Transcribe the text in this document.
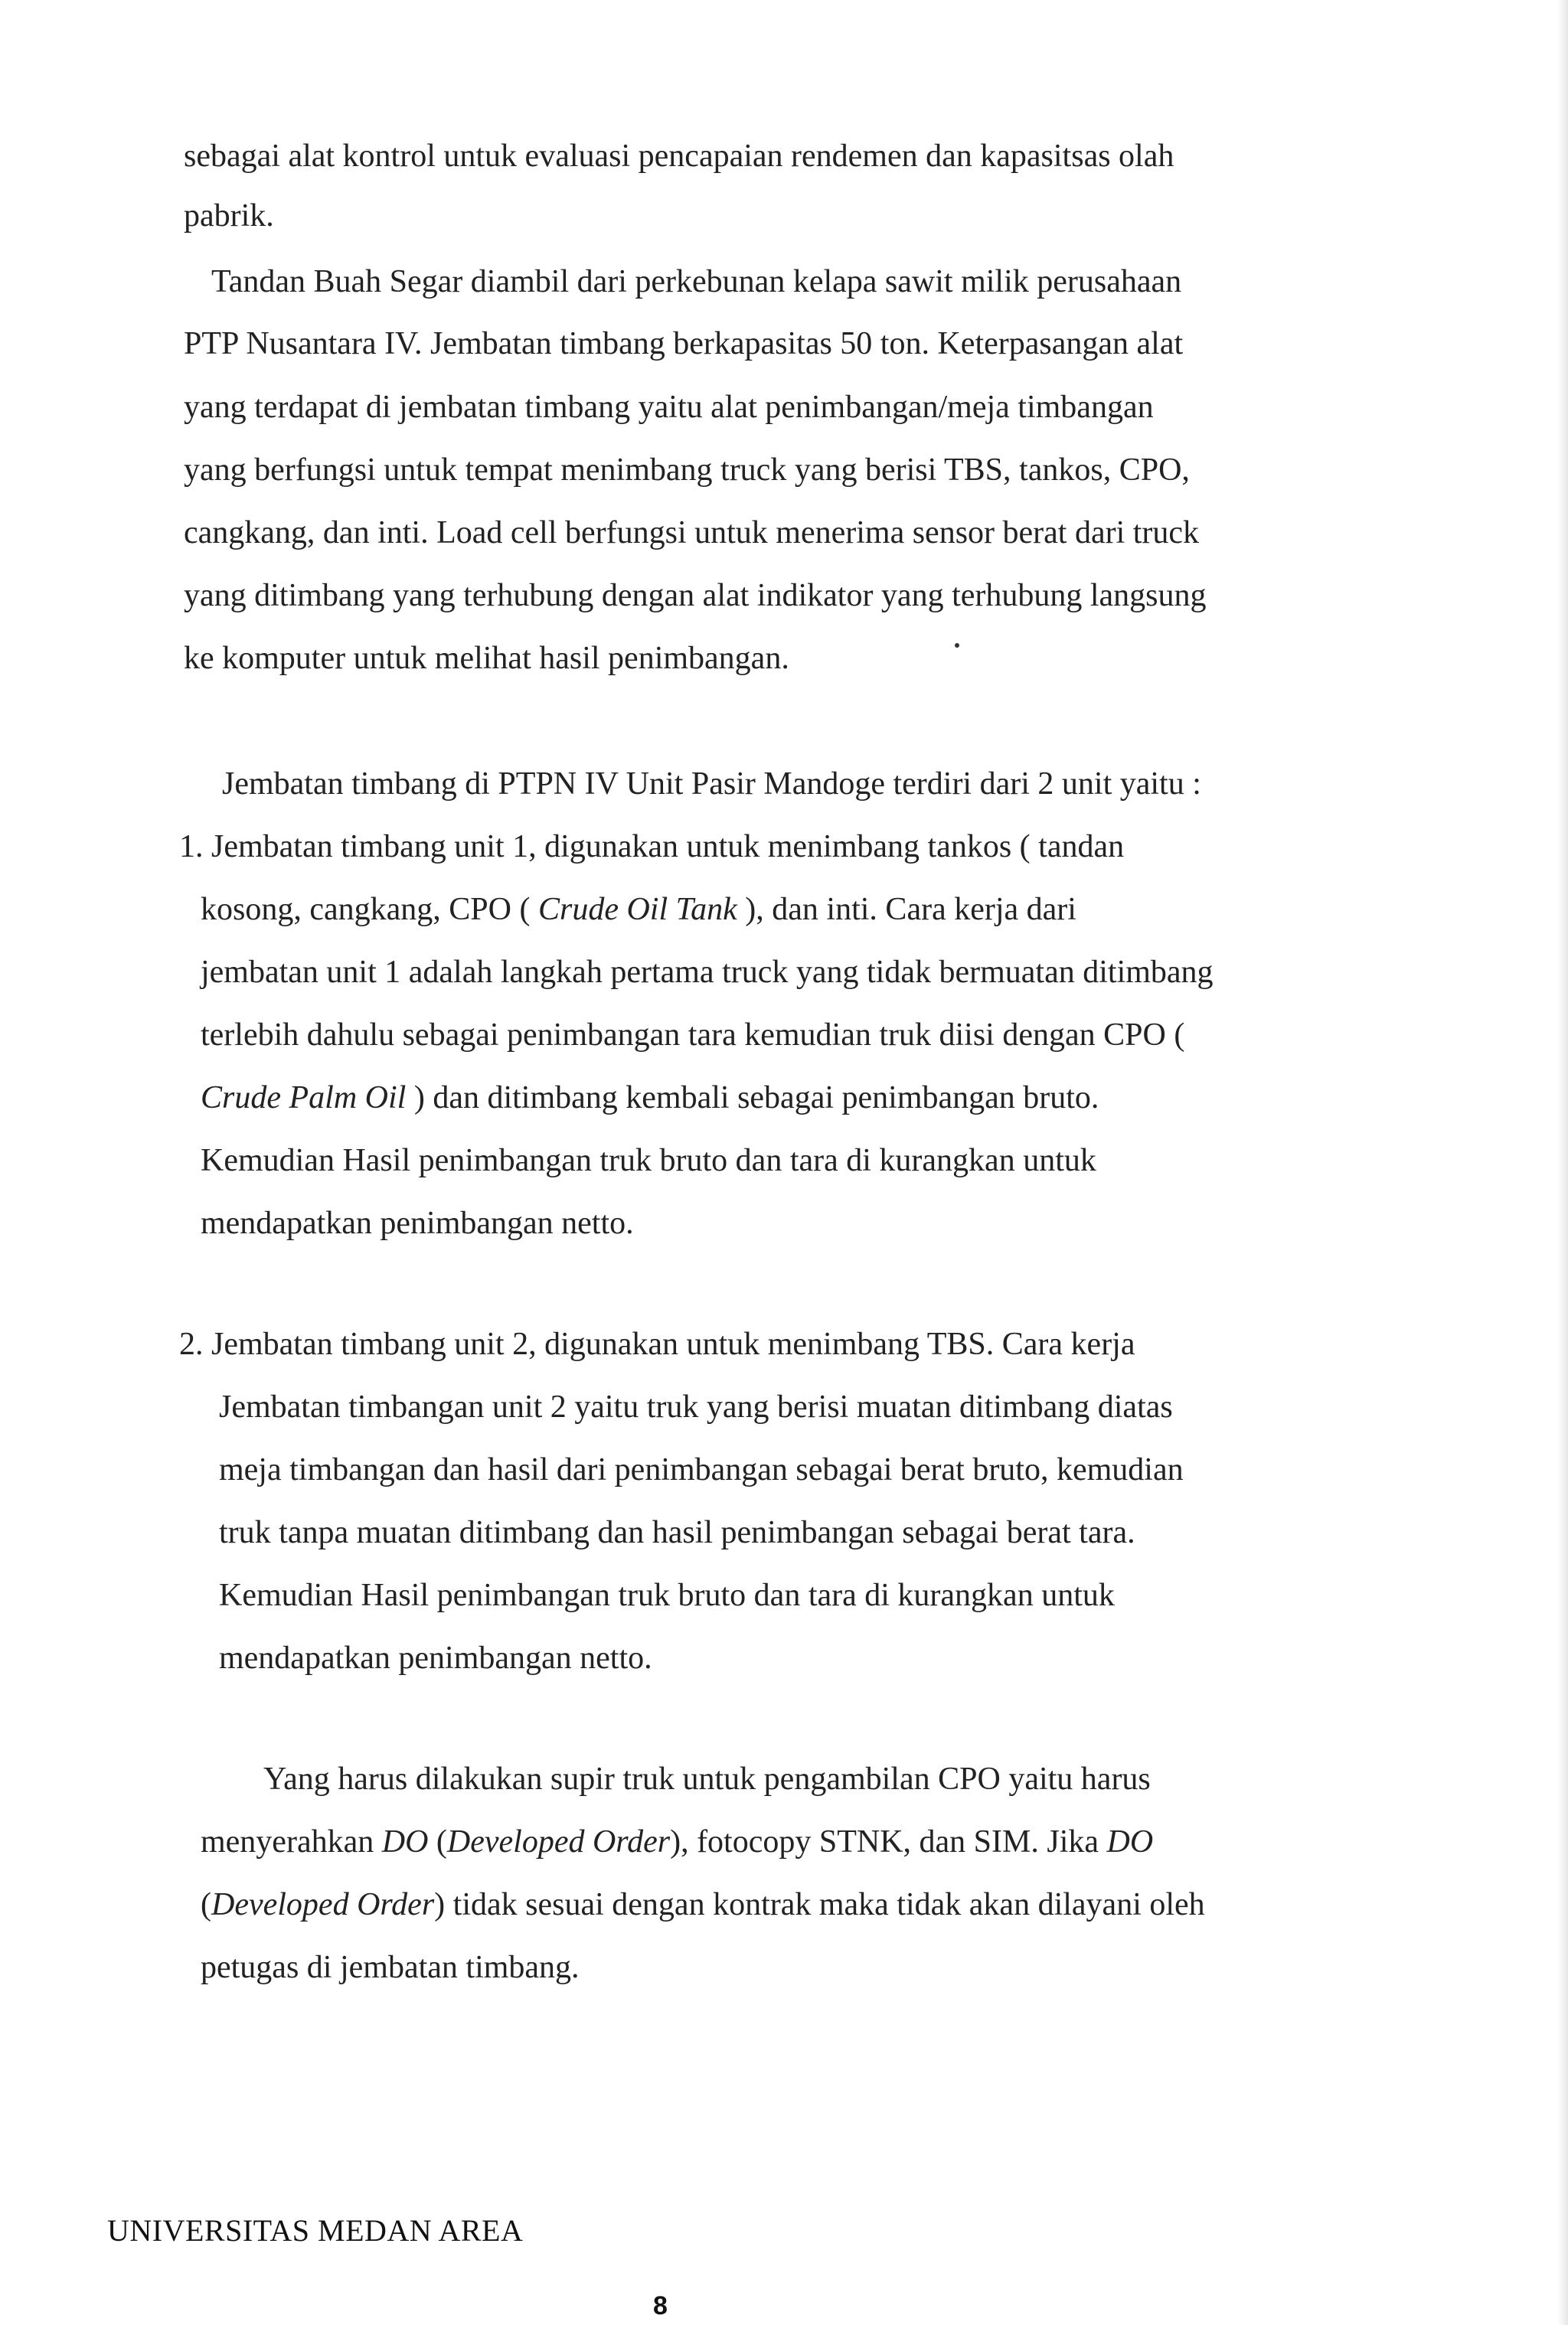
sebagai alat kontrol untuk evaluasi pencapaian rendemen dan kapasitsas olah

pabrik.

Tandan Buah Segar diambil dari perkebunan kelapa sawit milik perusahaan

PTP Nusantara IV. Jembatan timbang berkapasitas 50 ton. Keterpasangan alat

yang terdapat di jembatan timbang yaitu alat penimbangan/meja timbangan

yang berfungsi untuk tempat menimbang truck yang berisi TBS, tankos, CPO,

cangkang, dan inti. Load cell berfungsi untuk menerima sensor berat dari truck

yang ditimbang yang terhubung dengan alat indikator yang terhubung langsung

ke komputer untuk melihat hasil penimbangan.

Jembatan timbang di PTPN IV Unit Pasir Mandoge terdiri dari 2 unit yaitu :

1. Jembatan timbang unit 1, digunakan untuk menimbang tankos ( tandan

kosong, cangkang, CPO ( Crude Oil Tank ), dan inti. Cara kerja dari

jembatan unit 1 adalah langkah pertama truck yang tidak bermuatan ditimbang

terlebih dahulu sebagai penimbangan tara kemudian truk diisi dengan CPO (

Crude Palm Oil ) dan ditimbang kembali sebagai penimbangan bruto.

Kemudian Hasil penimbangan truk bruto dan tara di kurangkan untuk

mendapatkan penimbangan netto.

2. Jembatan timbang unit 2, digunakan untuk menimbang TBS. Cara kerja

Jembatan timbangan unit 2 yaitu truk yang berisi muatan ditimbang diatas

meja timbangan dan hasil dari penimbangan sebagai berat bruto, kemudian

truk tanpa muatan ditimbang dan hasil penimbangan sebagai berat tara.

Kemudian Hasil penimbangan truk bruto dan tara di kurangkan untuk

mendapatkan penimbangan netto.

Yang harus dilakukan supir truk untuk pengambilan CPO yaitu harus

menyerahkan DO (Developed Order), fotocopy STNK, dan SIM. Jika DO

(Developed Order) tidak sesuai dengan kontrak maka tidak akan dilayani oleh

petugas di jembatan timbang.

UNIVERSITAS MEDAN AREA
8
